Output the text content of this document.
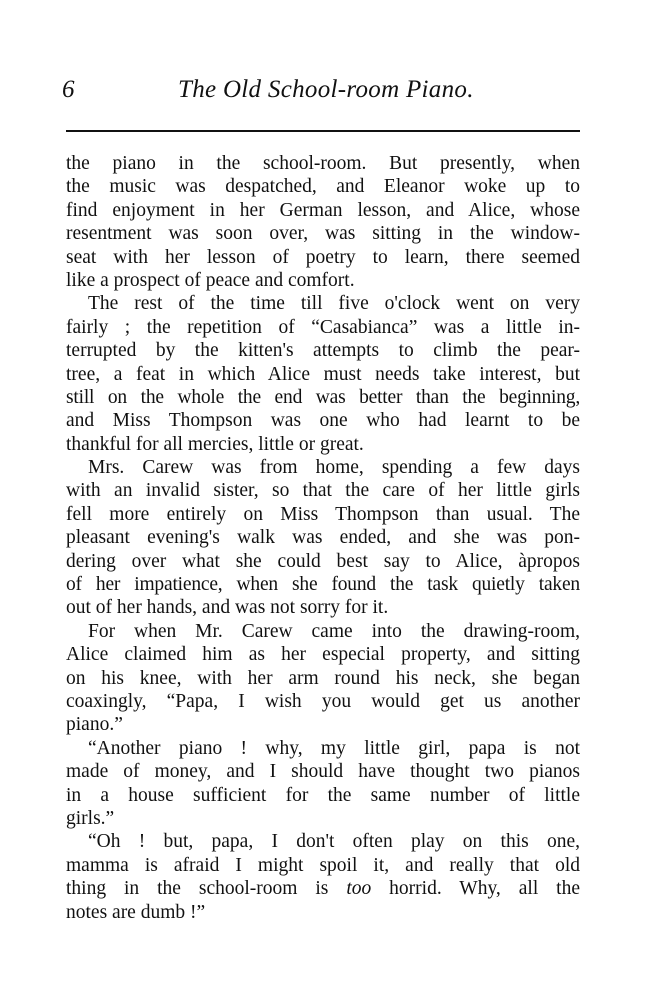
6	The Old School-room Piano.
the piano in the school-room. But presently, when
the music was despatched, and Eleanor woke up to
find enjoyment in her German lesson, and Alice, whose
resentment was soon over, was sitting in the window-
seat with her lesson of poetry to learn, there seemed
like a prospect of peace and comfort.
The rest of the time till five o'clock went on very
fairly ; the repetition of “Casabianca” was a little in-
terrupted by the kitten's attempts to climb the pear-
tree, a feat in which Alice must needs take interest, but
still on the whole the end was better than the beginning,
and Miss Thompson was one who had learnt to be
thankful for all mercies, little or great.
Mrs. Carew was from home, spending a few days
with an invalid sister, so that the care of her little girls
fell more entirely on Miss Thompson than usual. The
pleasant evening's walk was ended, and she was pon-
dering over what she could best say to Alice, àpropos
of her impatience, when she found the task quietly taken
out of her hands, and was not sorry for it.
For when Mr. Carew came into the drawing-room,
Alice claimed him as her especial property, and sitting
on his knee, with her arm round his neck, she began
coaxingly, “Papa, I wish you would get us another
piano.”
“Another piano ! why, my little girl, papa is not
made of money, and I should have thought two pianos
in a house sufficient for the same number of little
girls.”
“Oh ! but, papa, I don't often play on this one,
mamma is afraid I might spoil it, and really that old
thing in the school-room is too horrid. Why, all the
notes are dumb !”
